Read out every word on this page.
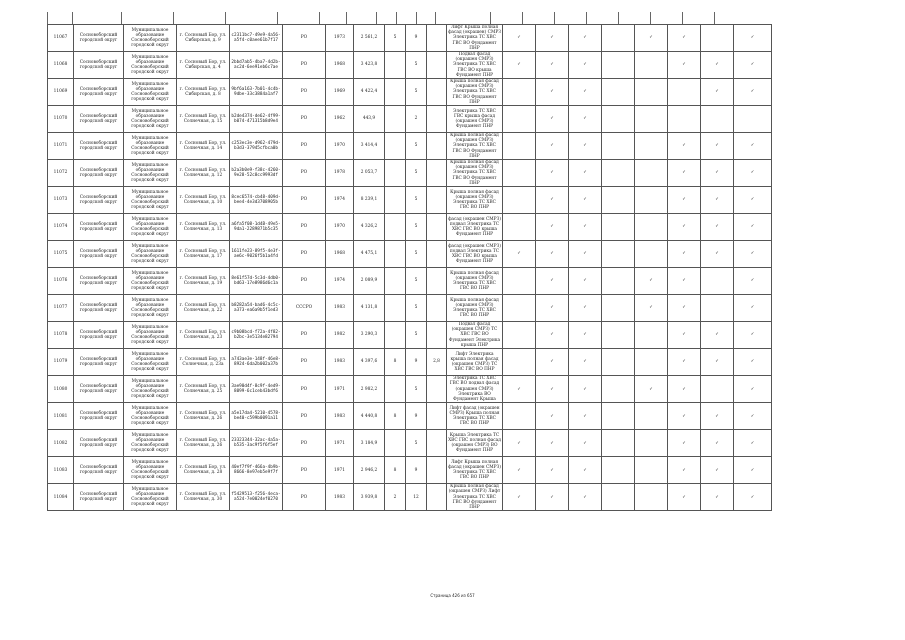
11067	Сосновоборский городской округ	Муниципальное образование Сосновоборский городской округ	г. Сосновый Бор, ул. Сибирская, д. 9	c2311bc7-49e9-4a56-a5f4-c0aee61b7f17	РО	1973	2 561,2	5	9		Лифт Крыша полная фасад (окрашен) СМРЗ Электрика ТС ХВС ГВС ВО Фундамент ПНР	✓	✓	✓		✓	✓		✓
11068	Сосновоборский городской округ	Муниципальное образование Сосновоборский городской округ	г. Сосновый Бор, ул. Сибирская, д. 4	2bbd7ab5-4ba7-4d2b-ac2d-6ee91eb6c7ae	РО	1968	3 423,8		5		Подвал фасад (окрашен СМРЗ) Электрика ТС ХВС ГВС ВО крыша Фундамент ПНР	✓	✓	✓			✓	✓	✓
11069	Сосновоборский городской округ	Муниципальное образование Сосновоборский городской округ	г. Сосновый Бор, ул. Сибирская, д. 8	9bf6a163-7b01-4c4b-9dbe-33c3884a1af7	РО	1969	4 422,4		5		Крыша полная фасад (окрашен СМРЗ) Электрика ТС ХВС ГВС ВО Фундамент ПНР		✓	✓				✓	✓
11070	Сосновоборский городской округ	Муниципальное образование Сосновоборский городской округ	г. Сосновый Бор, ул. Солнечная, д. 15	b2de4374-de62-4f99-b074-471315b8d9e4	РО	1962	443,9		2		Электрика ТС ХВС ГВС крыша фасад (окрашен СМРЗ) Фундамент ПНР		✓	✓					
11071	Сосновоборский городской округ	Муниципальное образование Сосновоборский городской округ	г. Сосновый Бор, ул. Солнечная, д. 14	c253ec3e-d962-479d-b3d3-37945cfbca0b	РО	1970	3 414,4		5		Крыша полная фасад (окрашен СМРЗ) Электрика ТС ХВС ГВС ВО Фундамент ПНР		✓	✓			✓	✓	✓
11072	Сосновоборский городской округ	Муниципальное образование Сосновоборский городской округ	г. Сосновый Бор, ул. Солнечная, д. 12	b2a3b0e9-f38c-4260-9e28-52c8cc9993df	РО	1978	2 053,7		5		Крыша полная фасад (окрашен СМРЗ) Электрика ТС ХВС ГВС ВО Фундамент ПНР		✓	✓			✓	✓	✓
11073	Сосновоборский городской округ	Муниципальное образование Сосновоборский городской округ	г. Сосновый Бор, ул. Солнечная, д. 10	8cec6574-cb48-409d-bee4-4e3d3708905b	РО	1974	8 239,1		5		Крыша полная фасад (окрашен СМРЗ) Электрика ТС ХВС ГВС ВО ПНР		✓	✓			✓	✓	✓
11074	Сосновоборский городской округ	Муниципальное образование Сосновоборский городской округ	г. Сосновый Бор, ул. Солнечная, д. 13	a6fa5f08-1d4B-49e5-9da1-2289871b5c35	РО	1970	4 326,2		5		фасад (окрашен СМРЗ) подвал Электрика ТС ХВС ГВС ВО крыша Фундамент ПНР		✓	✓			✓	✓	✓
11075	Сосновоборский городской округ	Муниципальное образование Сосновоборский городской округ	г. Сосновый Бор, ул. Солнечная, д. 17	1611fe23-89f5-4e3f-ae6c-9026f5b1a4fd	РО	1968	4 475,1		5		фасад (окрашен СМРЗ) подвал Электрика ТС ХВС ГВС ВО крыша Фундамент ПНР	✓	✓	✓			✓	✓	✓
11076	Сосновоборский городской округ	Муниципальное образование Сосновоборский городской округ	г. Сосновый Бор, ул. Солнечная, д. 19	8e61f57d-5c3d-4db0-bd63-17e8986d6c1a	РО	1974	2 089,9		5		Крыша полная фасад (окрашен СМРЗ) Электрика ТС ХВС ГВС ВО ПНР		✓	✓		✓	✓		✓
11077	Сосновоборский городской округ	Муниципальное образование Сосновоборский городской округ	г. Сосновый Бор, ул. Солнечная, д. 22	b8282a54-bad6-4c5c-a373-ea6a9b5f1ed3	СССРО	1983	4 131,8		5		Крыша полная фасад (окрашен СМРЗ) Электрика ТС ХВС ГВС ВО ПНР		✓	✓		✓	✓		✓
11078	Сосновоборский городской округ	Муниципальное образование Сосновоборский городской округ	г. Сосновый Бор, ул. Солнечная, д. 23	c9b08bcd-f72a-4f82-b2bc-3e5134e82794	РО	1982	3 290,3		5		Подвал фасад (окрашен СМРЗ) ТС ХВС ГВС ВО Фундамент Электрика крыша ПНР		✓	✓			✓	✓	✓
11079	Сосновоборский городской округ	Муниципальное образование Сосновоборский городской округ	г. Сосновый Бор, ул. Солнечная, д. 23а	a743ae3e-148f-46e8-8924-6da2b002a37b	РО	1983	4 397,6	8	9	2,8	Лифт Электрика крыша полная фасад (окрашен СМРЗ) ТС ХВС ГВС ВО ПНР		✓	✓			✓	✓	✓
11080	Сосновоборский городской округ	Муниципальное образование Сосновоборский городской округ	г. Сосновый Бор, ул. Солнечная, д. 25	3ae90d4f-8c9f-4ed9-8099-6c1ceb43bdf6	РО	1971	2 982,2		5		Электрика ТС ХВС ГВС ВО подвал фасад (окрашен СМРЗ) Электрика ВО Фундамент Крыша	✓	✓	✓		✓	✓		✓
11081	Сосновоборский городской округ	Муниципальное образование Сосновоборский городской округ	г. Сосновый Бор, ул. Солнечная, д. 26	a5e17da4-5210-4578-be40-c599b0091a11	РО	1983	4 440,8	8	9		Лифт фасад (окрашен СМРЗ) Крыша полная Электрика ТС ХВС ГВС ВО ПНР		✓	✓			✓	✓	✓
11082	Сосновоборский городской округ	Муниципальное образование Сосновоборский городской округ	г. Сосновый Бор, ул. Солнечная, д. 26	23323344-32ac-4a5a-b535-3ac9f5f6f5ef	РО	1971	3 184,9		5		Крыша Электрика ТС ХВС ГВС полная фасад (окрашен СМРЗ) ВО Фундамент ПНР	✓	✓	✓			✓	✓	✓
11083	Сосновоборский городской округ	Муниципальное образование Сосновоборский городской округ	г. Сосновый Бор, ул. Солнечная, д. 28	40ef7f9f-466a-4b9b-8666-8e97eb5e9f7f	РО	1971	2 946,2	8	9		Лифт Крыша полная фасад (окрашен СМРЗ) Электрика ТС ХВС ГВС ВО ПНР	✓	✓	✓			✓	✓	✓
11084	Сосновоборский городской округ	Муниципальное образование Сосновоборский городской округ	г. Сосновый Бор, ул. Солнечная, д. 30	f5429513-f256-4eca-a524-7e0024ef0270	РО	1983	3 939,8	2	12		Крыша полная фасад (окрашен СМРЗ) Лифт Электрика ТС ХВС ГВС ВО фундамент ПНР	✓	✓	✓			✓	✓	✓
Страница 426 из 657
